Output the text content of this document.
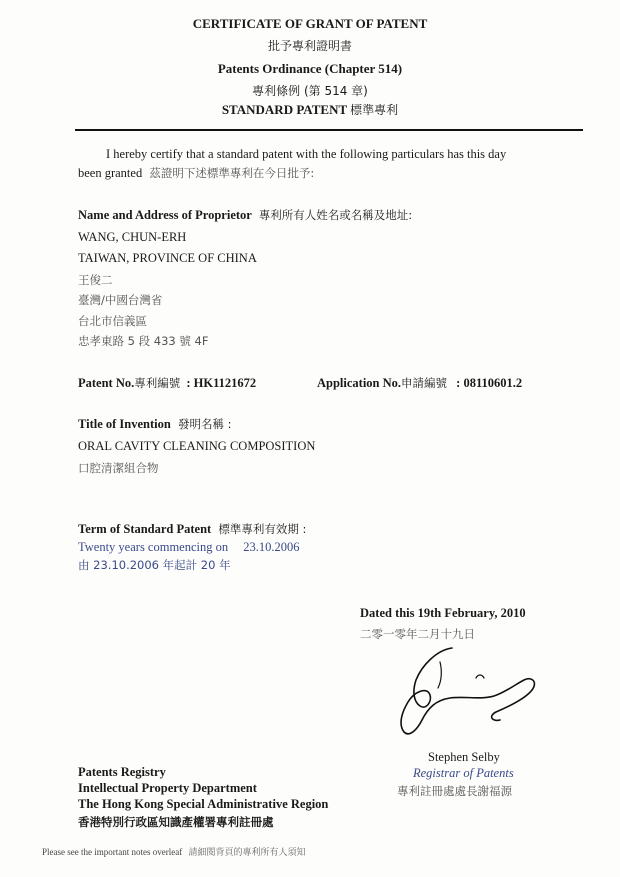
CERTIFICATE OF GRANT OF PATENT
批予專利證明書
Patents Ordinance (Chapter 514)
專利條例 (第 514 章)
STANDARD PATENT 標準專利
I hereby certify that a standard patent with the following particulars has this day
been granted 茲證明下述標準專利在今日批予:
Name and Address of Proprietor 專利所有人姓名或名稱及地址:
WANG, CHUN-ERH
TAIWAN, PROVINCE OF CHINA
王俊二
臺灣/中國台灣省
台北市信義區
忠孝東路 5 段 433 號 4F
Patent No.專利編號 : HK1121672	Application No.申請編號 : 08110601.2
Title of Invention 發明名稱 :
ORAL CAVITY CLEANING COMPOSITION
口腔清潔組合物
Term of Standard Patent 標準專利有效期 :
Twenty years commencing on 23.10.2006
由 23.10.2006 年起計 20 年
Dated this 19th February, 2010
二零一零年二月十九日
Stephen Selby
Registrar of Patents
專利註冊處處長謝福源
Patents Registry
Intellectual Property Department
The Hong Kong Special Administrative Region
香港特別行政區知識產權署專利註冊處
Please see the important notes overleaf 請細閱背頁的專利所有人須知
